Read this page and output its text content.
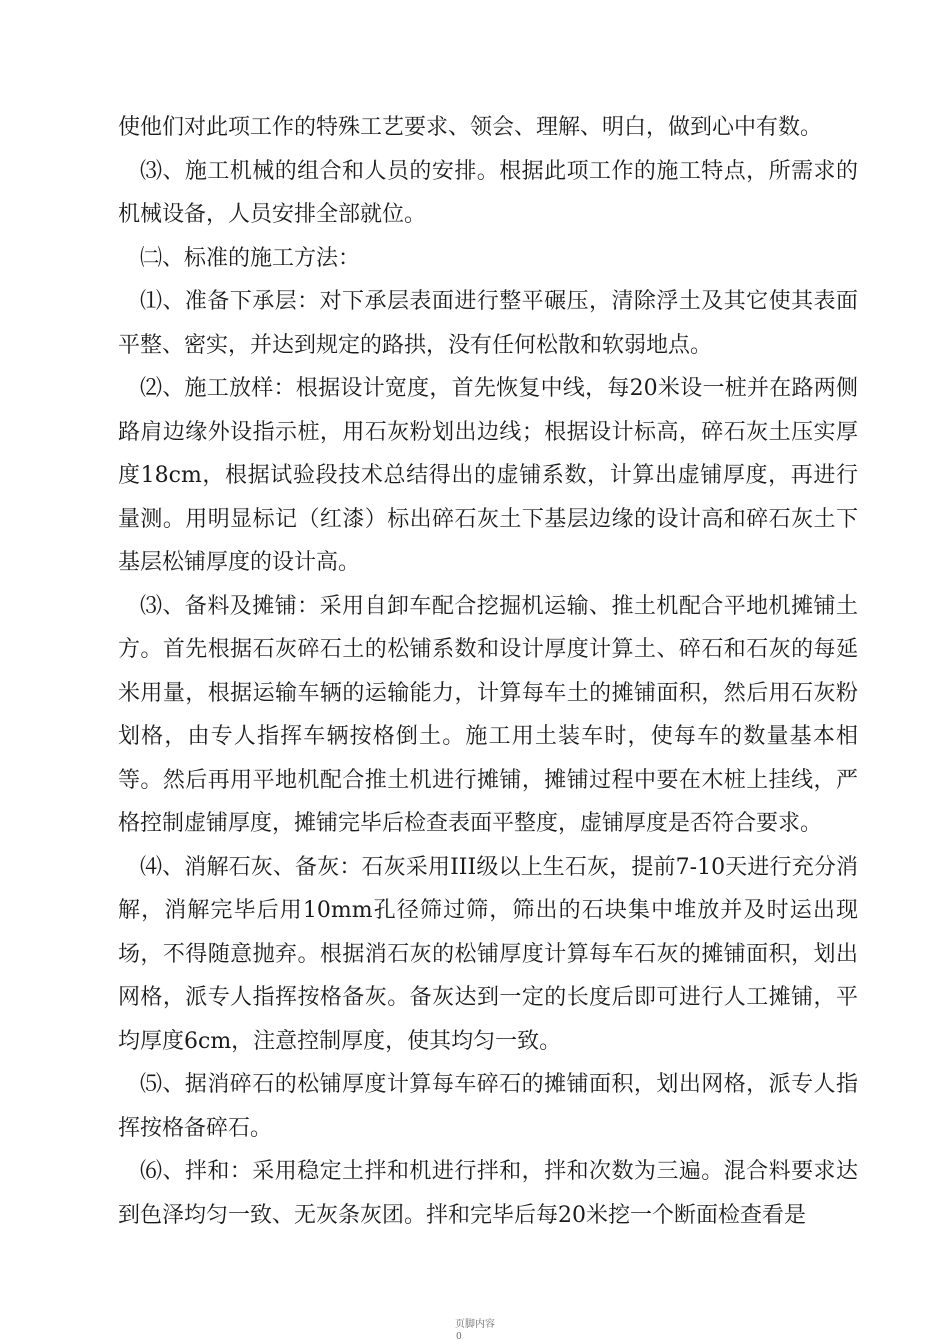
使他们对此项工作的特殊工艺要求、领会、理解、明白，做到心中有数。

⑶、施工机械的组合和人员的安排。根据此项工作的施工特点，所需求的机械设备，人员安排全部就位。

㈡、标准的施工方法：

⑴、准备下承层：对下承层表面进行整平碾压，清除浮土及其它使其表面平整、密实，并达到规定的路拱，没有任何松散和软弱地点。

⑵、施工放样：根据设计宽度，首先恢复中线，每20米设一桩并在路两侧路肩边缘外设指示桩，用石灰粉划出边线；根据设计标高，碎石灰土压实厚度18cm，根据试验段技术总结得出的虚铺系数，计算出虚铺厚度，再进行量测。用明显标记（红漆）标出碎石灰土下基层边缘的设计高和碎石灰土下基层松铺厚度的设计高。

⑶、备料及摊铺：采用自卸车配合挖掘机运输、推土机配合平地机摊铺土方。首先根据石灰碎石土的松铺系数和设计厚度计算土、碎石和石灰的每延米用量，根据运输车辆的运输能力，计算每车土的摊铺面积，然后用石灰粉划格，由专人指挥车辆按格倒土。施工用土装车时，使每车的数量基本相等。然后再用平地机配合推土机进行摊铺，摊铺过程中要在木桩上挂线，严格控制虚铺厚度，摊铺完毕后检查表面平整度，虚铺厚度是否符合要求。

⑷、消解石灰、备灰：石灰采用III级以上生石灰，提前7-10天进行充分消解，消解完毕后用10mm孔径筛过筛，筛出的石块集中堆放并及时运出现场，不得随意抛弃。根据消石灰的松铺厚度计算每车石灰的摊铺面积，划出网格，派专人指挥按格备灰。备灰达到一定的长度后即可进行人工摊铺，平均厚度6cm，注意控制厚度，使其均匀一致。

⑸、据消碎石的松铺厚度计算每车碎石的摊铺面积，划出网格，派专人指挥按格备碎石。

⑹、拌和：采用稳定土拌和机进行拌和，拌和次数为三遍。混合料要求达到色泽均匀一致、无灰条灰团。拌和完毕后每20米挖一个断面检查看是

页脚内容
0
